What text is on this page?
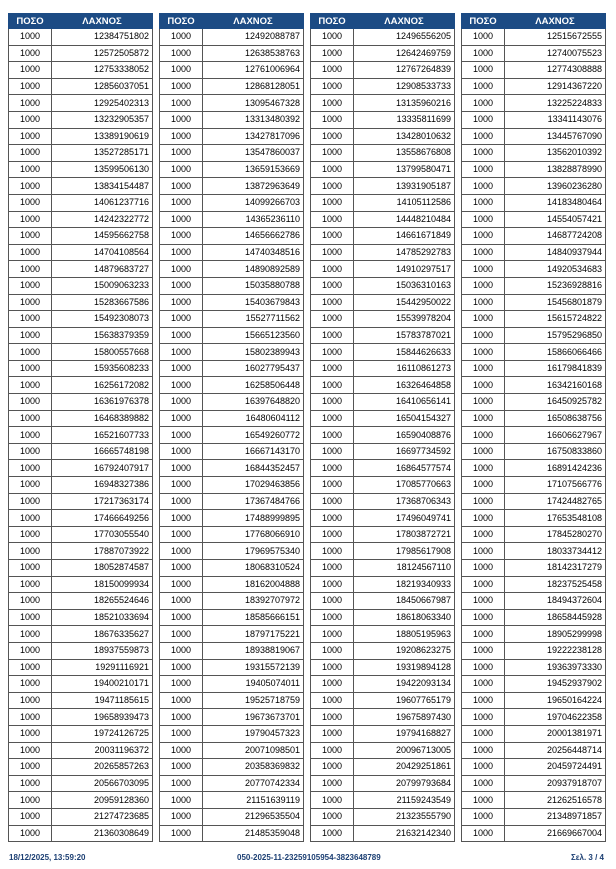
ΠΟΣΟ	ΛΑΧΝΟΣ
1000	12384751802
1000	12572505872
1000	12753338052
1000	12856037051
1000	12925402313
1000	13232905357
1000	13389190619
1000	13527285171
1000	13599506130
1000	13834154487
1000	14061237716
1000	14242322772
1000	14595662758
1000	14704108564
1000	14879683727
1000	15009063233
1000	15283667586
1000	15492308073
1000	15638379359
1000	15800557668
1000	15935608233
1000	16256172082
1000	16361976378
1000	16468389882
1000	16521607733
1000	16665748198
1000	16792407917
1000	16948327386
1000	17217363174
1000	17466649256
1000	17703055540
1000	17887073922
1000	18052874587
1000	18150099934
1000	18265524646
1000	18521033694
1000	18676335627
1000	18937559873
1000	19291116921
1000	19400210171
1000	19471185615
1000	19658939473
1000	19724126725
1000	20031196372
1000	20265857263
1000	20566703095
1000	20959128360
1000	21274723685
1000	21360308649
ΠΟΣΟ	ΛΑΧΝΟΣ
1000	12492088787
1000	12638538763
1000	12761006964
1000	12868128051
1000	13095467328
1000	13313480392
1000	13427817096
1000	13547860037
1000	13659153669
1000	13872963649
1000	14099266703
1000	14365236110
1000	14656662786
1000	14740348516
1000	14890892589
1000	15035880788
1000	15403679843
1000	15527711562
1000	15665123560
1000	15802389943
1000	16027795437
1000	16258506448
1000	16397648820
1000	16480604112
1000	16549260772
1000	16667143170
1000	16844352457
1000	17029463856
1000	17367484766
1000	17488999895
1000	17768066910
1000	17969575340
1000	18068310524
1000	18162004888
1000	18392707972
1000	18585666151
1000	18797175221
1000	18938819067
1000	19315572139
1000	19405074011
1000	19525718759
1000	19673673701
1000	19790457323
1000	20071098501
1000	20358369832
1000	20770742334
1000	21151639119
1000	21296535504
1000	21485359048
ΠΟΣΟ	ΛΑΧΝΟΣ
1000	12496556205
1000	12642469759
1000	12767264839
1000	12908533733
1000	13135960216
1000	13335811699
1000	13428010632
1000	13558676808
1000	13799580471
1000	13931905187
1000	14105112586
1000	14448210484
1000	14661671849
1000	14785292783
1000	14910297517
1000	15036310163
1000	15442950022
1000	15539978204
1000	15783787021
1000	15844626633
1000	16110861273
1000	16326464858
1000	16410656141
1000	16504154327
1000	16590408876
1000	16697734592
1000	16864577574
1000	17085770663
1000	17368706343
1000	17496049741
1000	17803872721
1000	17985617908
1000	18124567110
1000	18219340933
1000	18450667987
1000	18618063340
1000	18805195963
1000	19208623275
1000	19319894128
1000	19422093134
1000	19607765179
1000	19675897430
1000	19794168827
1000	20096713005
1000	20429251861
1000	20799793684
1000	21159243549
1000	21323555790
1000	21632142340
ΠΟΣΟ	ΛΑΧΝΟΣ
1000	12515672555
1000	12740075523
1000	12774308888
1000	12914367220
1000	13225224833
1000	13341143076
1000	13445767090
1000	13562010392
1000	13828878990
1000	13960236280
1000	14183480464
1000	14554057421
1000	14687724208
1000	14840937944
1000	14920534683
1000	15236928816
1000	15456801879
1000	15615724822
1000	15795296850
1000	15866066466
1000	16179841839
1000	16342160168
1000	16450925782
1000	16508638756
1000	16606627967
1000	16750833860
1000	16891424236
1000	17107566776
1000	17424482765
1000	17653548108
1000	17845280270
1000	18033734412
1000	18142317279
1000	18237525458
1000	18494372604
1000	18658445928
1000	18905299998
1000	19222238128
1000	19363973330
1000	19452937902
1000	19650164224
1000	19704622358
1000	20001381971
1000	20256448714
1000	20459724491
1000	20937918707
1000	21262516578
1000	21348971857
1000	21669667004
18/12/2025, 13:59:20	050-2025-11-23259105954-3823648789	Σελ. 3 / 4
